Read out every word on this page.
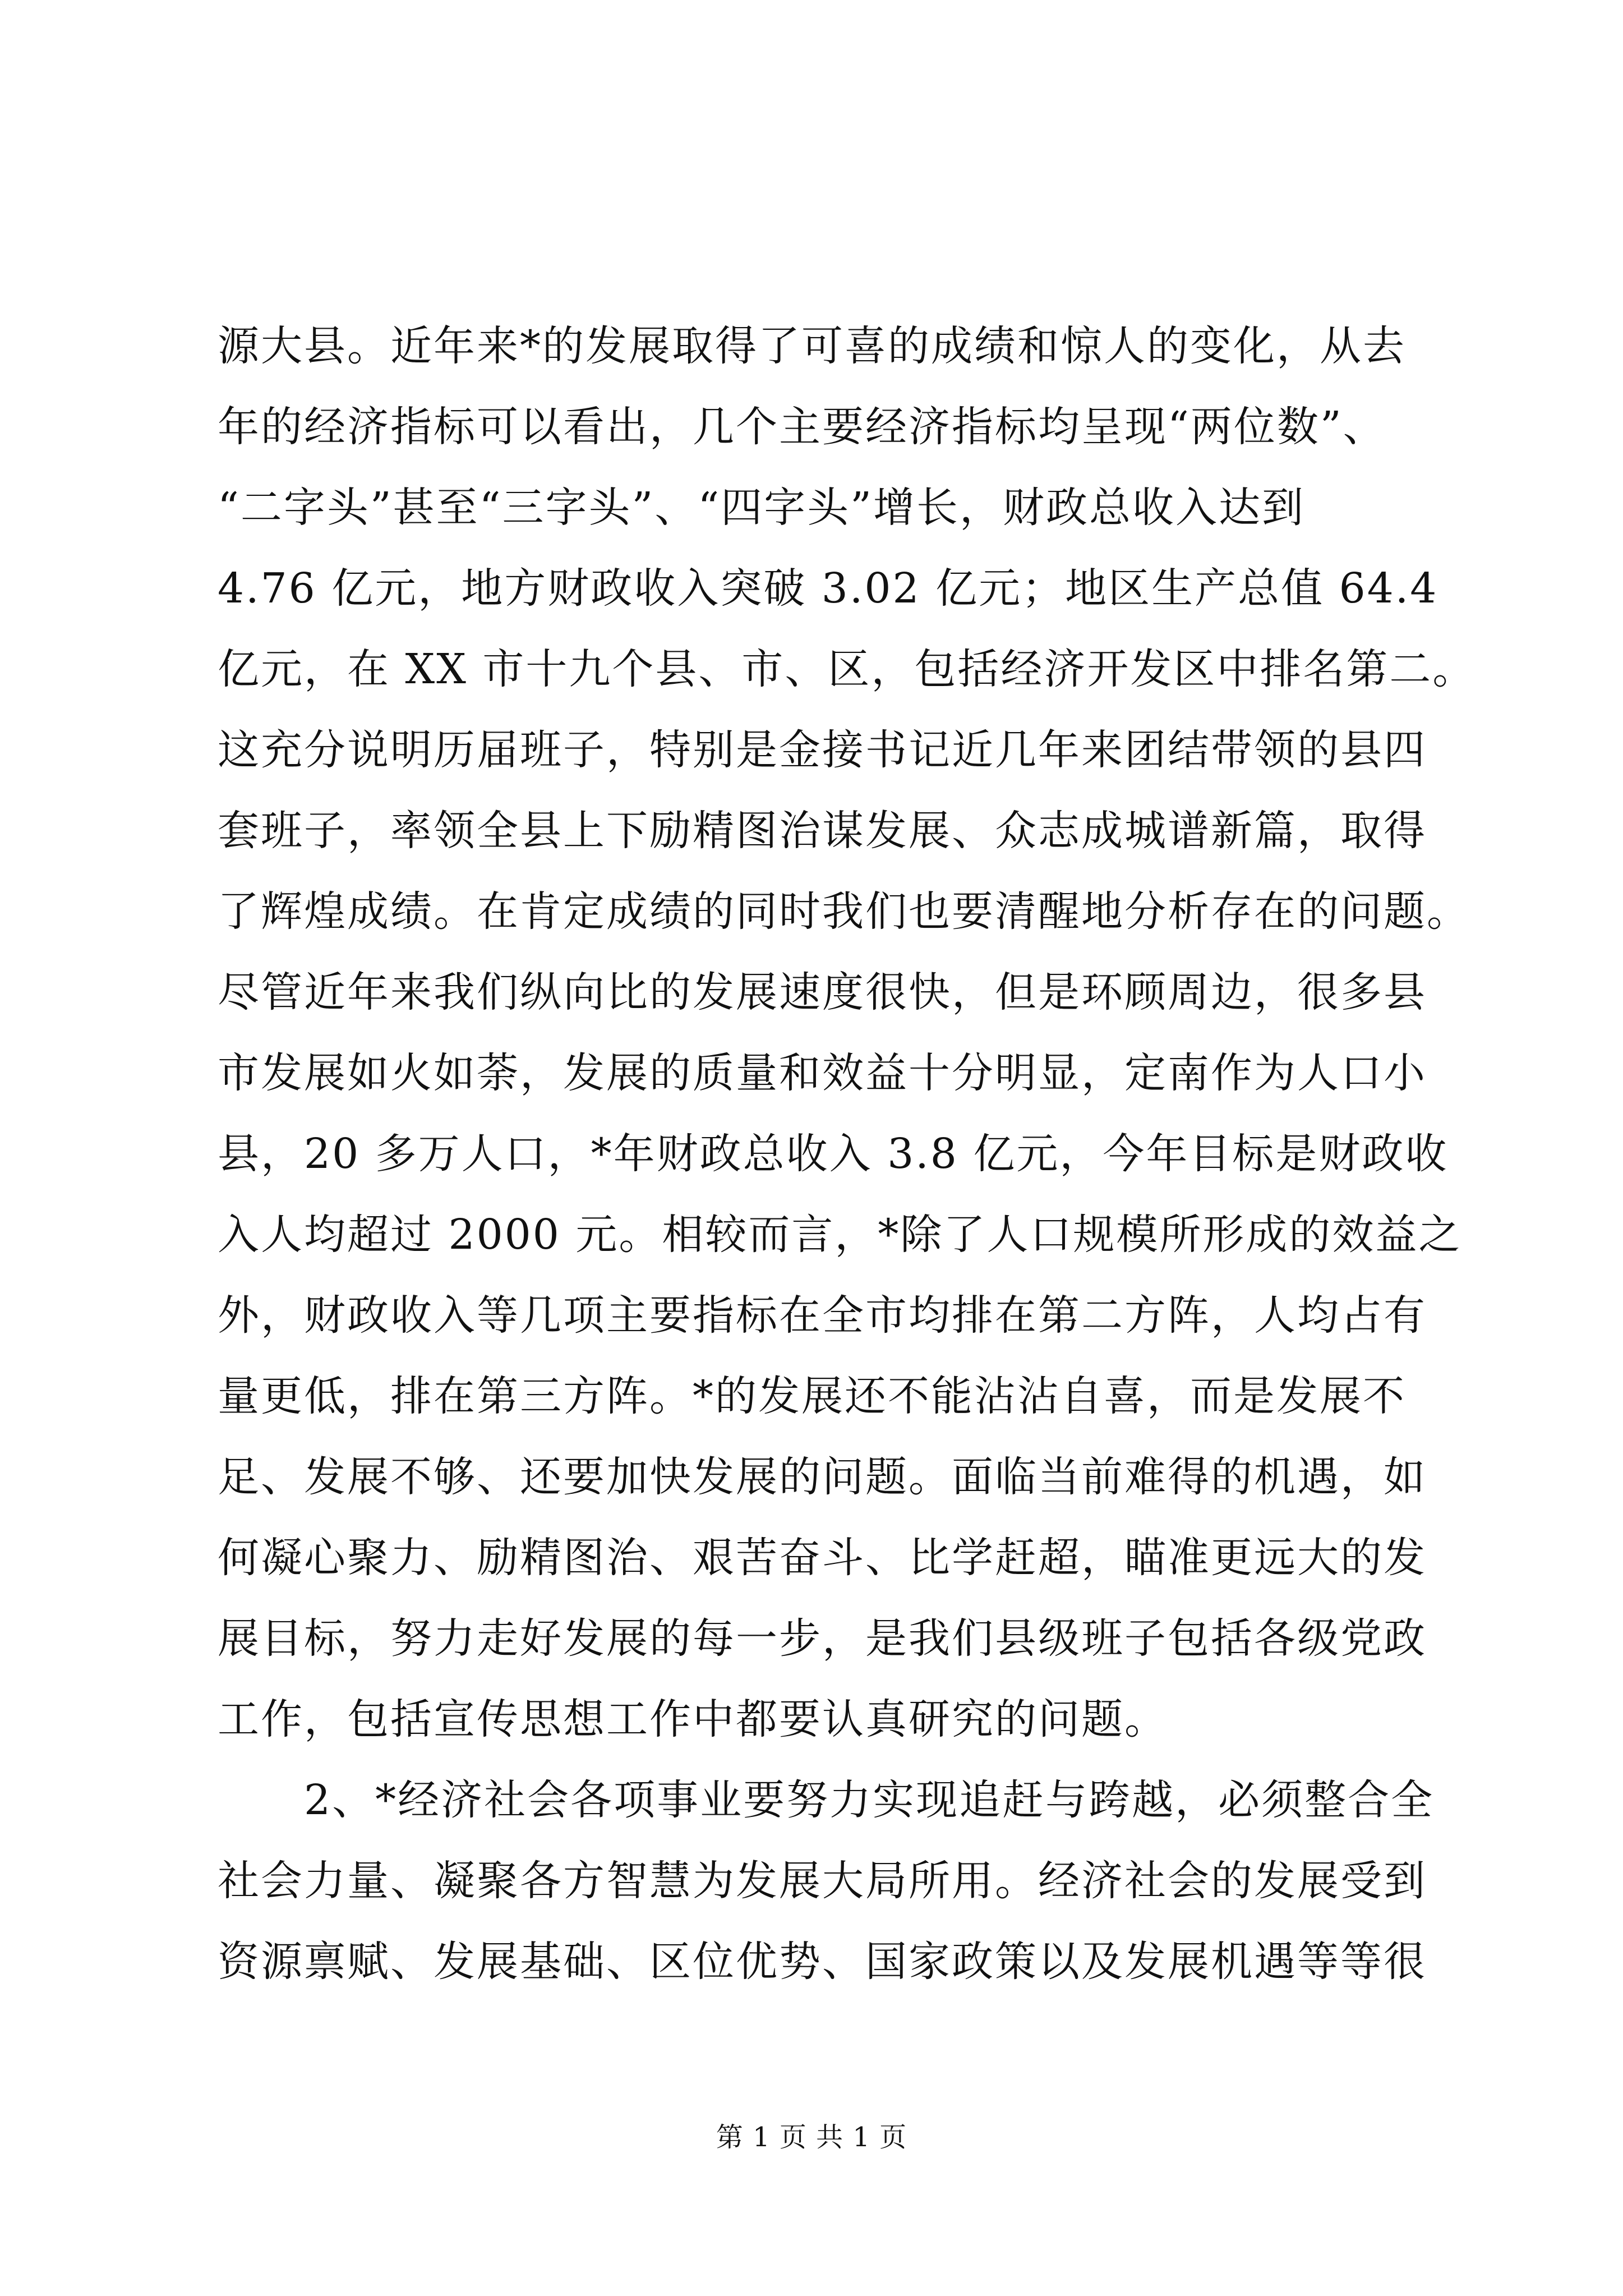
源大县。近年来*的发展取得了可喜的成绩和惊人的变化，从去
年的经济指标可以看出，几个主要经济指标均呈现“两位数”、
“二字头”甚至“三字头”、“四字头”增长，财政总收入达到
4.76 亿元，地方财政收入突破 3.02 亿元；地区生产总值 64.4
亿元，在 XX 市十九个县、市、区，包括经济开发区中排名第二。
这充分说明历届班子，特别是金接书记近几年来团结带领的县四
套班子，率领全县上下励精图治谋发展、众志成城谱新篇，取得
了辉煌成绩。在肯定成绩的同时我们也要清醒地分析存在的问题。
尽管近年来我们纵向比的发展速度很快，但是环顾周边，很多县
市发展如火如荼，发展的质量和效益十分明显，定南作为人口小
县，20 多万人口，*年财政总收入 3.8 亿元，今年目标是财政收
入人均超过 2000 元。相较而言，*除了人口规模所形成的效益之
外，财政收入等几项主要指标在全市均排在第二方阵，人均占有
量更低，排在第三方阵。*的发展还不能沾沾自喜，而是发展不
足、发展不够、还要加快发展的问题。面临当前难得的机遇，如
何凝心聚力、励精图治、艰苦奋斗、比学赶超，瞄准更远大的发
展目标，努力走好发展的每一步，是我们县级班子包括各级党政
工作，包括宣传思想工作中都要认真研究的问题。
2、*经济社会各项事业要努力实现追赶与跨越，必须整合全
社会力量、凝聚各方智慧为发展大局所用。经济社会的发展受到
资源禀赋、发展基础、区位优势、国家政策以及发展机遇等等很
第 1 页 共 1 页
